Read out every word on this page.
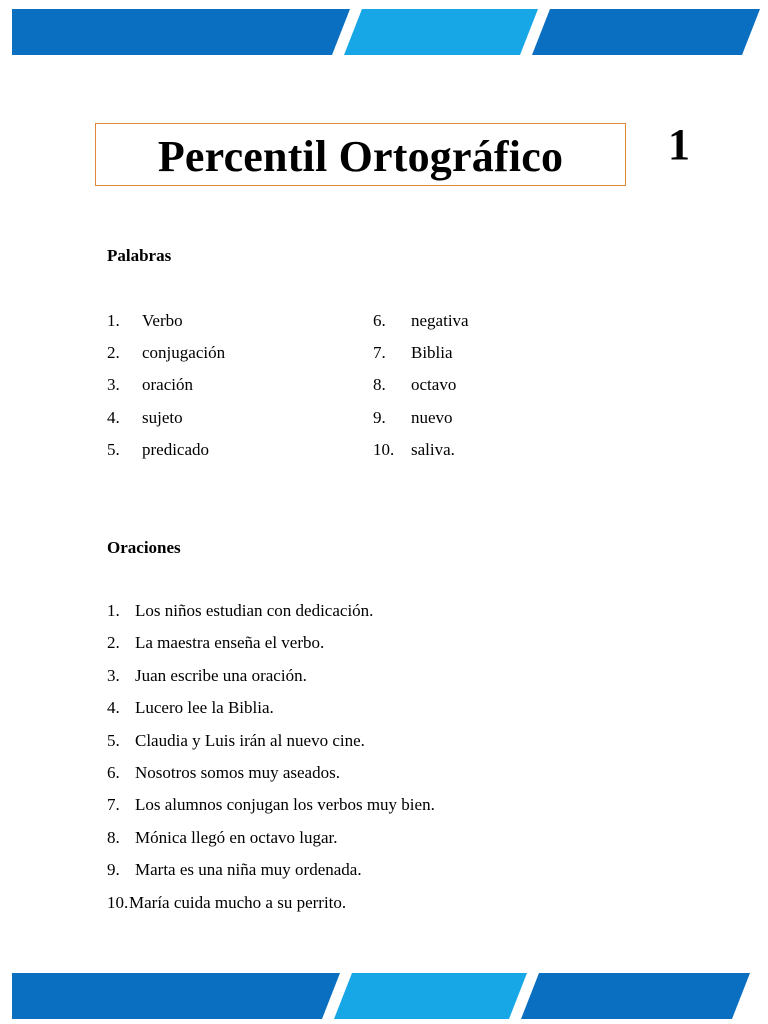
Percentil Ortográfico 1
Palabras
1. Verbo
2. conjugación
3. oración
4. sujeto
5. predicado
6. negativa
7. Biblia
8. octavo
9. nuevo
10. saliva.
Oraciones
1. Los niños estudian con dedicación.
2. La maestra enseña el verbo.
3. Juan escribe una oración.
4. Lucero lee la Biblia.
5. Claudia y Luis irán al nuevo cine.
6. Nosotros somos muy aseados.
7. Los alumnos conjugan los verbos muy bien.
8. Mónica llegó en octavo lugar.
9. Marta es una niña muy ordenada.
10. María cuida mucho a su perrito.
